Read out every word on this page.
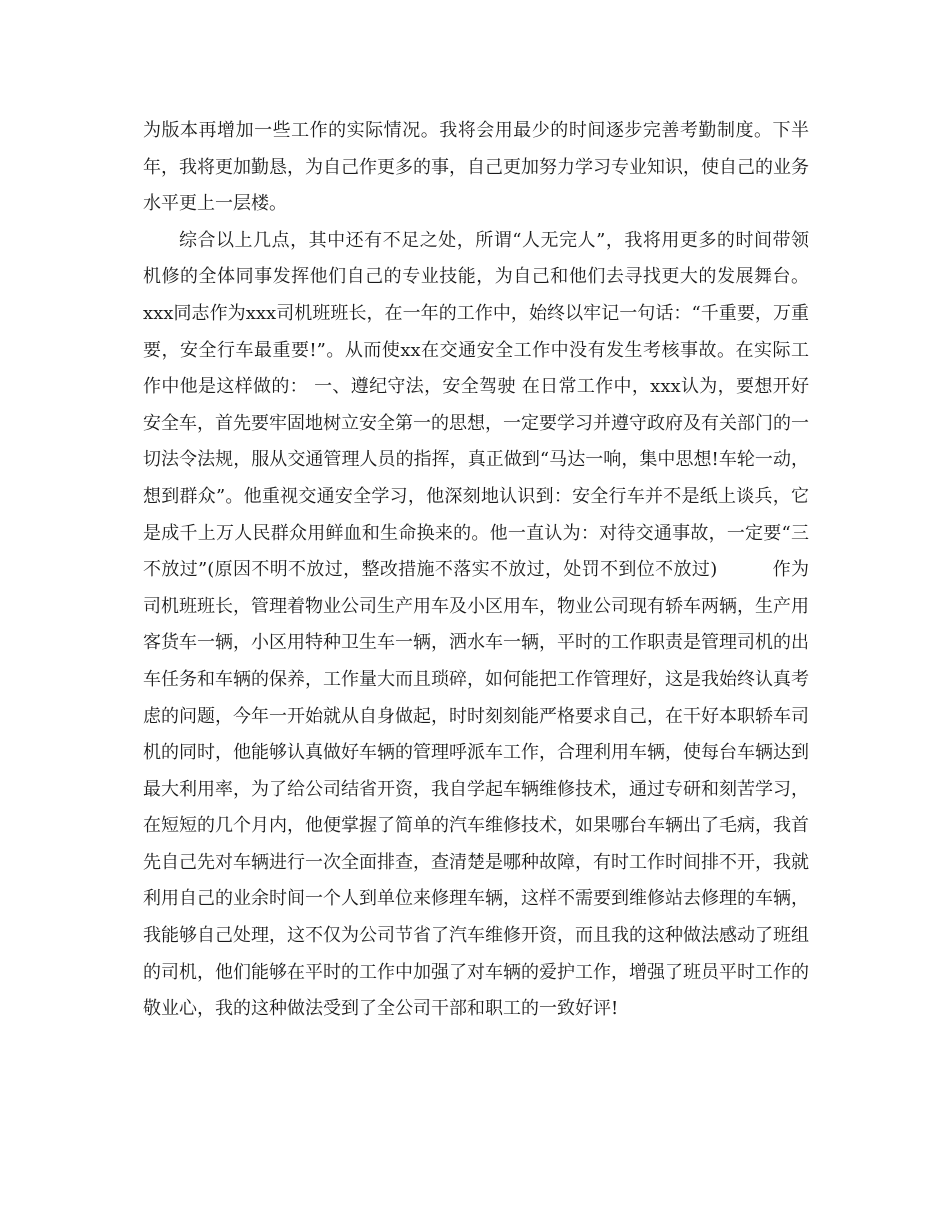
为版本再增加一些工作的实际情况。我将会用最少的时间逐步完善考勤制度。下半年，我将更加勤恳，为自己作更多的事，自己更加努力学习专业知识，使自己的业务水平更上一层楼。

综合以上几点，其中还有不足之处，所谓“人无完人”，我将用更多的时间带领机修的全体同事发挥他们自己的专业技能，为自己和他们去寻找更大的发展舞台。xxx同志作为xxx司机班班长，在一年的工作中，始终以牢记一句话：“千重要，万重要，安全行车最重要!”。从而使xx在交通安全工作中没有发生考核事故。在实际工作中他是这样做的： 一、遵纪守法，安全驾驶 在日常工作中，xxx认为，要想开好安全车，首先要牢固地树立安全第一的思想，一定要学习并遵守政府及有关部门的一切法令法规，服从交通管理人员的指挥，真正做到“马达一响，集中思想!车轮一动，想到群众”。他重视交通安全学习，他深刻地认识到：安全行车并不是纸上谈兵，它是成千上万人民群众用鲜血和生命换来的。他一直认为：对待交通事故，一定要“三不放过”(原因不明不放过，整改措施不落实不放过，处罚不到位不放过)　　　作为司机班班长，管理着物业公司生产用车及小区用车，物业公司现有轿车两辆，生产用客货车一辆，小区用特种卫生车一辆，洒水车一辆，平时的工作职责是管理司机的出车任务和车辆的保养，工作量大而且琐碎，如何能把工作管理好，这是我始终认真考虑的问题，今年一开始就从自身做起，时时刻刻能严格要求自己，在干好本职轿车司机的同时，他能够认真做好车辆的管理呼派车工作，合理利用车辆，使每台车辆达到最大利用率，为了给公司结省开资，我自学起车辆维修技术，通过专研和刻苦学习，在短短的几个月内，他便掌握了简单的汽车维修技术，如果哪台车辆出了毛病，我首先自己先对车辆进行一次全面排查，查清楚是哪种故障，有时工作时间排不开，我就利用自己的业余时间一个人到单位来修理车辆，这样不需要到维修站去修理的车辆，我能够自己处理，这不仅为公司节省了汽车维修开资，而且我的这种做法感动了班组的司机，他们能够在平时的工作中加强了对车辆的爱护工作，增强了班员平时工作的敬业心，我的这种做法受到了全公司干部和职工的一致好评!
